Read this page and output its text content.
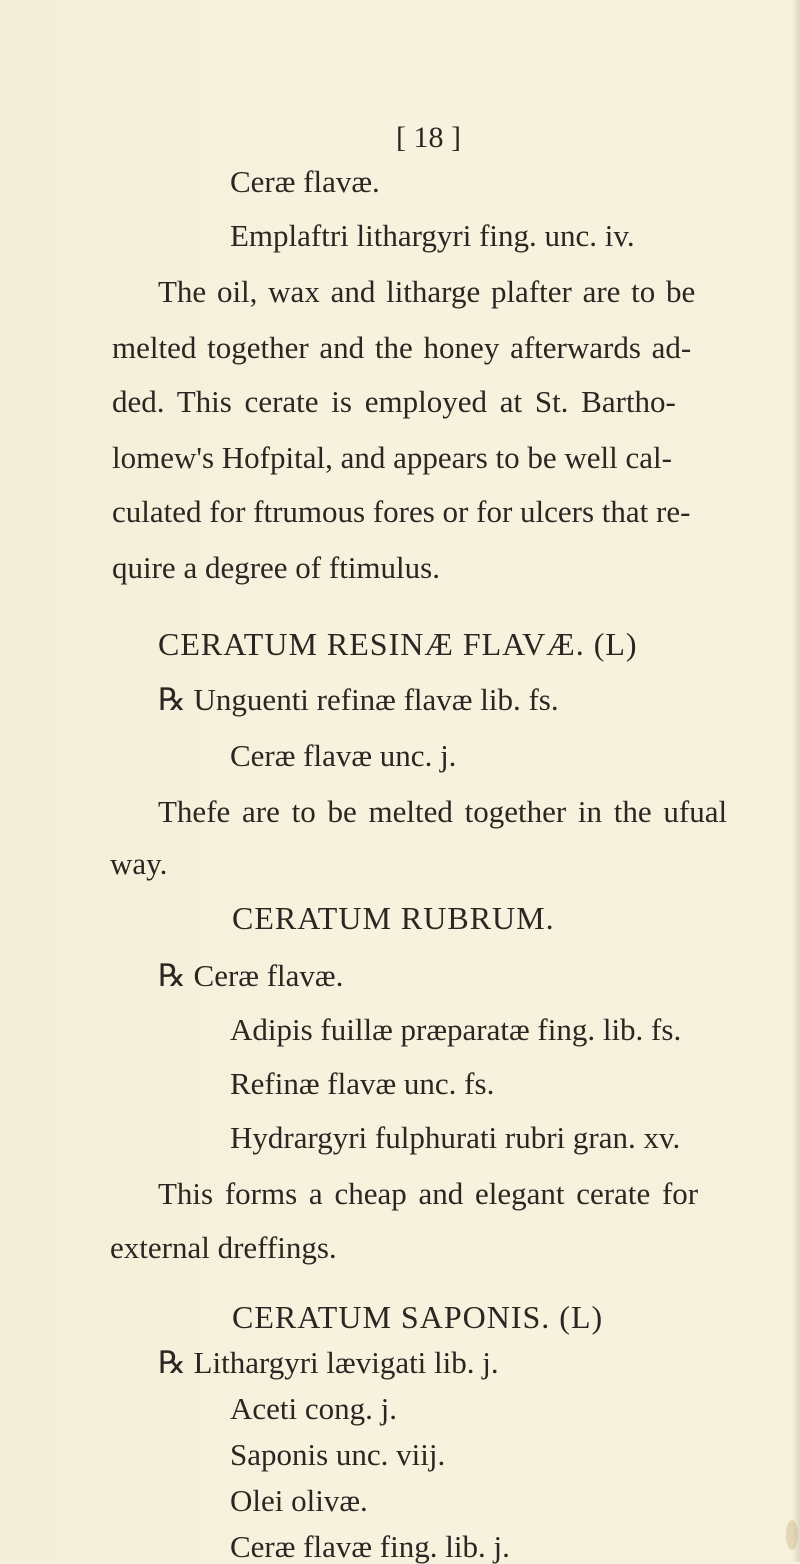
[ 18 ]
Ceræ flavæ.
Emplaftri lithargyri fing. unc. iv.
The oil, wax and litharge plafter are to be
melted together and the honey afterwards ad-
ded. This cerate is employed at St. Bartho-
lomew's Hofpital, and appears to be well cal-
culated for ftrumous fores or for ulcers that re-
quire a degree of ftimulus.
CERATUM RESINÆ FLAVÆ. (L)
℞ Unguenti refinæ flavæ lib. fs.
Ceræ flavæ unc. j.
Thefe are to be melted together in the ufual
way.
CERATUM RUBRUM.
℞ Ceræ flavæ.
Adipis fuillæ præparatæ fing. lib. fs.
Refinæ flavæ unc. fs.
Hydrargyri fulphurati rubri gran. xv.
This forms a cheap and elegant cerate for
external dreffings.
CERATUM SAPONIS. (L)
℞ Lithargyri lævigati lib. j.
Aceti cong. j.
Saponis unc. viij.
Olei olivæ.
Ceræ flavæ fing. lib. j.
